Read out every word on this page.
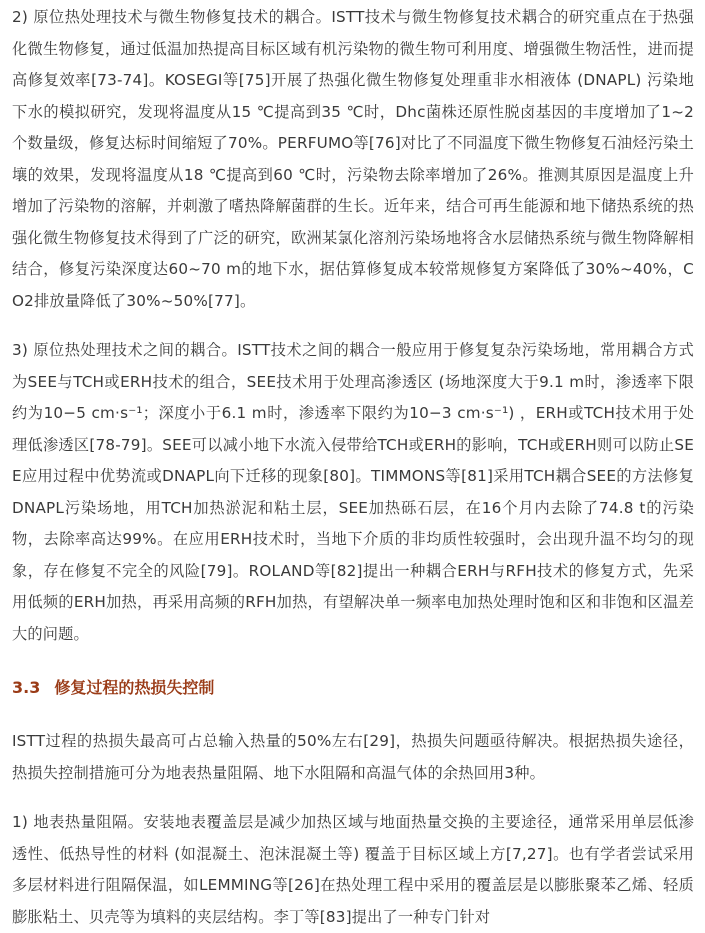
2) 原位热处理技术与微生物修复技术的耦合。ISTT技术与微生物修复技术耦合的研究重点在于热强化微生物修复，通过低温加热提高目标区域有机污染物的微生物可利用度、增强微生物活性，进而提高修复效率[73-74]。KOSEGI等[75]开展了热强化微生物修复处理重非水相液体 (DNAPL) 污染地下水的模拟研究，发现将温度从15 ℃提高到35 ℃时，Dhc菌株还原性脱卤基因的丰度增加了1~2个数量级，修复达标时间缩短了70%。PERFUMO等[76]对比了不同温度下微生物修复石油烃污染土壤的效果，发现将温度从18 ℃提高到60 ℃时，污染物去除率增加了26%。推测其原因是温度上升增加了污染物的溶解，并刺激了嗜热降解菌群的生长。近年来，结合可再生能源和地下储热系统的热强化微生物修复技术得到了广泛的研究，欧洲某氯化溶剂污染场地将含水层储热系统与微生物降解相结合，修复污染深度达60~70 m的地下水，据估算修复成本较常规修复方案降低了30%~40%，CO2排放量降低了30%~50%[77]。

3) 原位热处理技术之间的耦合。ISTT技术之间的耦合一般应用于修复复杂污染场地，常用耦合方式为SEE与TCH或ERH技术的组合，SEE技术用于处理高渗透区 (场地深度大于9.1 m时，渗透率下限约为10−5 cm·s⁻¹；深度小于6.1 m时，渗透率下限约为10−3 cm·s⁻¹) ，ERH或TCH技术用于处理低渗透区[78-79]。SEE可以减小地下水流入侵带给TCH或ERH的影响，TCH或ERH则可以防止SEE应用过程中优势流或DNAPL向下迁移的现象[80]。TIMMONS等[81]采用TCH耦合SEE的方法修复DNAPL污染场地，用TCH加热淤泥和粘土层，SEE加热砾石层，在16个月内去除了74.8 t的污染物，去除率高达99%。在应用ERH技术时，当地下介质的非均质性较强时，会出现升温不均匀的现象，存在修复不完全的风险[79]。ROLAND等[82]提出一种耦合ERH与RFH技术的修复方式，先采用低频的ERH加热，再采用高频的RFH加热，有望解决单一频率电加热处理时饱和区和非饱和区温差大的问题。

3.3 修复过程的热损失控制

ISTT过程的热损失最高可占总输入热量的50%左右[29]，热损失问题亟待解决。根据热损失途径，热损失控制措施可分为地表热量阻隔、地下水阻隔和高温气体的余热回用3种。

1) 地表热量阻隔。安装地表覆盖层是减少加热区域与地面热量交换的主要途径，通常采用单层低渗透性、低热导性的材料 (如混凝土、泡沫混凝土等) 覆盖于目标区域上方[7,27]。也有学者尝试采用多层材料进行阻隔保温，如LEMMING等[26]在热处理工程中采用的覆盖层是以膨胀聚苯乙烯、轻质膨胀粘土、贝壳等为填料的夹层结构。李丁等[83]提出了一种专门针对
